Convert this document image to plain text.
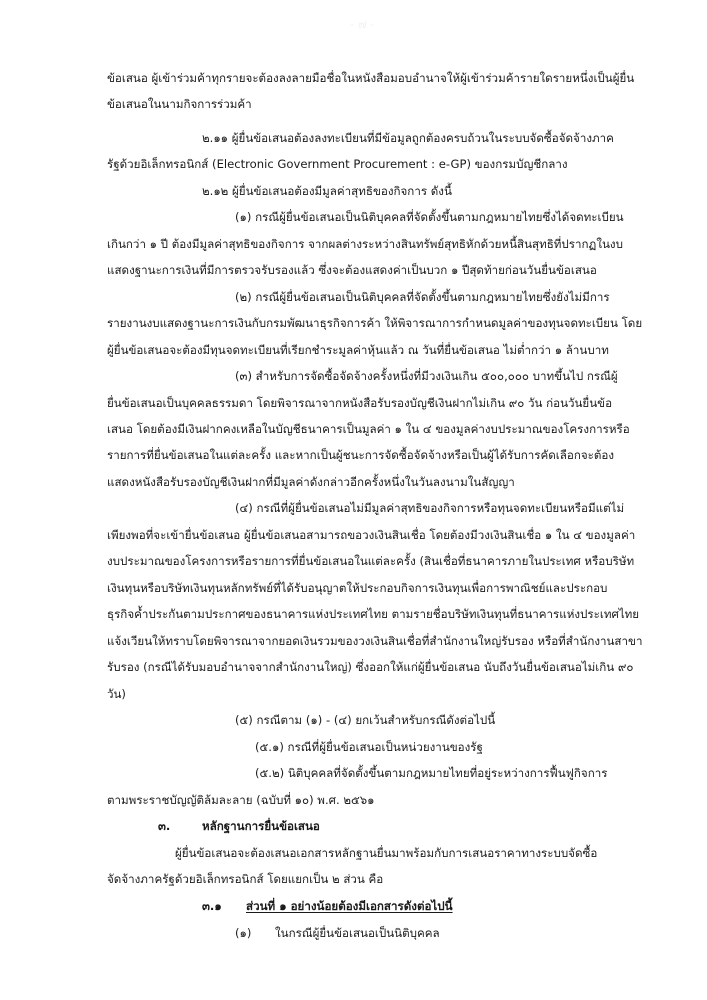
- ๗ -
ข้อเสนอ ผู้เข้าร่วมค้าทุกรายจะต้องลงลายมือชื่อในหนังสือมอบอำนาจให้ผู้เข้าร่วมค้ารายใดรายหนึ่งเป็นผู้ยื่น
ข้อเสนอในนามกิจการร่วมค้า
๒.๑๑ ผู้ยื่นข้อเสนอต้องลงทะเบียนที่มีข้อมูลถูกต้องครบถ้วนในระบบจัดซื้อจัดจ้างภาค
รัฐด้วยอิเล็กทรอนิกส์ (Electronic Government Procurement : e-GP) ของกรมบัญชีกลาง
๒.๑๒ ผู้ยื่นข้อเสนอต้องมีมูลค่าสุทธิของกิจการ ดังนี้
(๑) กรณีผู้ยื่นข้อเสนอเป็นนิติบุคคลที่จัดตั้งขึ้นตามกฎหมายไทยซึ่งได้จดทะเบียน
เกินกว่า ๑ ปี ต้องมีมูลค่าสุทธิของกิจการ จากผลต่างระหว่างสินทรัพย์สุทธิหักด้วยหนี้สินสุทธิที่ปรากฏในงบ
แสดงฐานะการเงินที่มีการตรวจรับรองแล้ว ซึ่งจะต้องแสดงค่าเป็นบวก ๑ ปีสุดท้ายก่อนวันยื่นข้อเสนอ
(๒) กรณีผู้ยื่นข้อเสนอเป็นนิติบุคคลที่จัดตั้งขึ้นตามกฎหมายไทยซึ่งยังไม่มีการ
รายงานงบแสดงฐานะการเงินกับกรมพัฒนาธุรกิจการค้า ให้พิจารณาการกำหนดมูลค่าของทุนจดทะเบียน โดย
ผู้ยื่นข้อเสนอจะต้องมีทุนจดทะเบียนที่เรียกชำระมูลค่าหุ้นแล้ว ณ วันที่ยื่นข้อเสนอ ไม่ต่ำกว่า ๑ ล้านบาท
(๓) สำหรับการจัดซื้อจัดจ้างครั้งหนึ่งที่มีวงเงินเกิน ๕๐๐,๐๐๐ บาทขึ้นไป กรณีผู้
ยื่นข้อเสนอเป็นบุคคลธรรมดา โดยพิจารณาจากหนังสือรับรองบัญชีเงินฝากไม่เกิน ๙๐ วัน ก่อนวันยื่นข้อ
เสนอ โดยต้องมีเงินฝากคงเหลือในบัญชีธนาคารเป็นมูลค่า ๑ ใน ๔ ของมูลค่างบประมาณของโครงการหรือ
รายการที่ยื่นข้อเสนอในแต่ละครั้ง และหากเป็นผู้ชนะการจัดซื้อจัดจ้างหรือเป็นผู้ได้รับการคัดเลือกจะต้อง
แสดงหนังสือรับรองบัญชีเงินฝากที่มีมูลค่าดังกล่าวอีกครั้งหนึ่งในวันลงนามในสัญญา
(๔) กรณีที่ผู้ยื่นข้อเสนอไม่มีมูลค่าสุทธิของกิจการหรือทุนจดทะเบียนหรือมีแต่ไม่
เพียงพอที่จะเข้ายื่นข้อเสนอ ผู้ยื่นข้อเสนอสามารถขอวงเงินสินเชื่อ โดยต้องมีวงเงินสินเชื่อ ๑ ใน ๔ ของมูลค่า
งบประมาณของโครงการหรือรายการที่ยื่นข้อเสนอในแต่ละครั้ง (สินเชื่อที่ธนาคารภายในประเทศ หรือบริษัท
เงินทุนหรือบริษัทเงินทุนหลักทรัพย์ที่ได้รับอนุญาตให้ประกอบกิจการเงินทุนเพื่อการพาณิชย์และประกอบ
ธุรกิจค้ำประกันตามประกาศของธนาคารแห่งประเทศไทย ตามรายชื่อบริษัทเงินทุนที่ธนาคารแห่งประเทศไทย
แจ้งเวียนให้ทราบโดยพิจารณาจากยอดเงินรวมของวงเงินสินเชื่อที่สำนักงานใหญ่รับรอง หรือที่สำนักงานสาขา
รับรอง (กรณีได้รับมอบอำนาจจากสำนักงานใหญ่) ซึ่งออกให้แก่ผู้ยื่นข้อเสนอ นับถึงวันยื่นข้อเสนอไม่เกิน ๙๐
วัน)
(๕) กรณีตาม (๑) - (๔) ยกเว้นสำหรับกรณีดังต่อไปนี้
(๕.๑) กรณีที่ผู้ยื่นข้อเสนอเป็นหน่วยงานของรัฐ
(๕.๒) นิติบุคคลที่จัดตั้งขึ้นตามกฎหมายไทยที่อยู่ระหว่างการฟื้นฟูกิจการ
ตามพระราชบัญญัติล้มละลาย (ฉบับที่ ๑๐) พ.ศ. ๒๕๖๑
๓.	หลักฐานการยื่นข้อเสนอ
ผู้ยื่นข้อเสนอจะต้องเสนอเอกสารหลักฐานยื่นมาพร้อมกับการเสนอราคาทางระบบจัดซื้อ
จัดจ้างภาครัฐด้วยอิเล็กทรอนิกส์ โดยแยกเป็น ๒ ส่วน คือ
๓.๑ ส่วนที่ ๑ อย่างน้อยต้องมีเอกสารดังต่อไปนี้
(๑) ในกรณีผู้ยื่นข้อเสนอเป็นนิติบุคคล
